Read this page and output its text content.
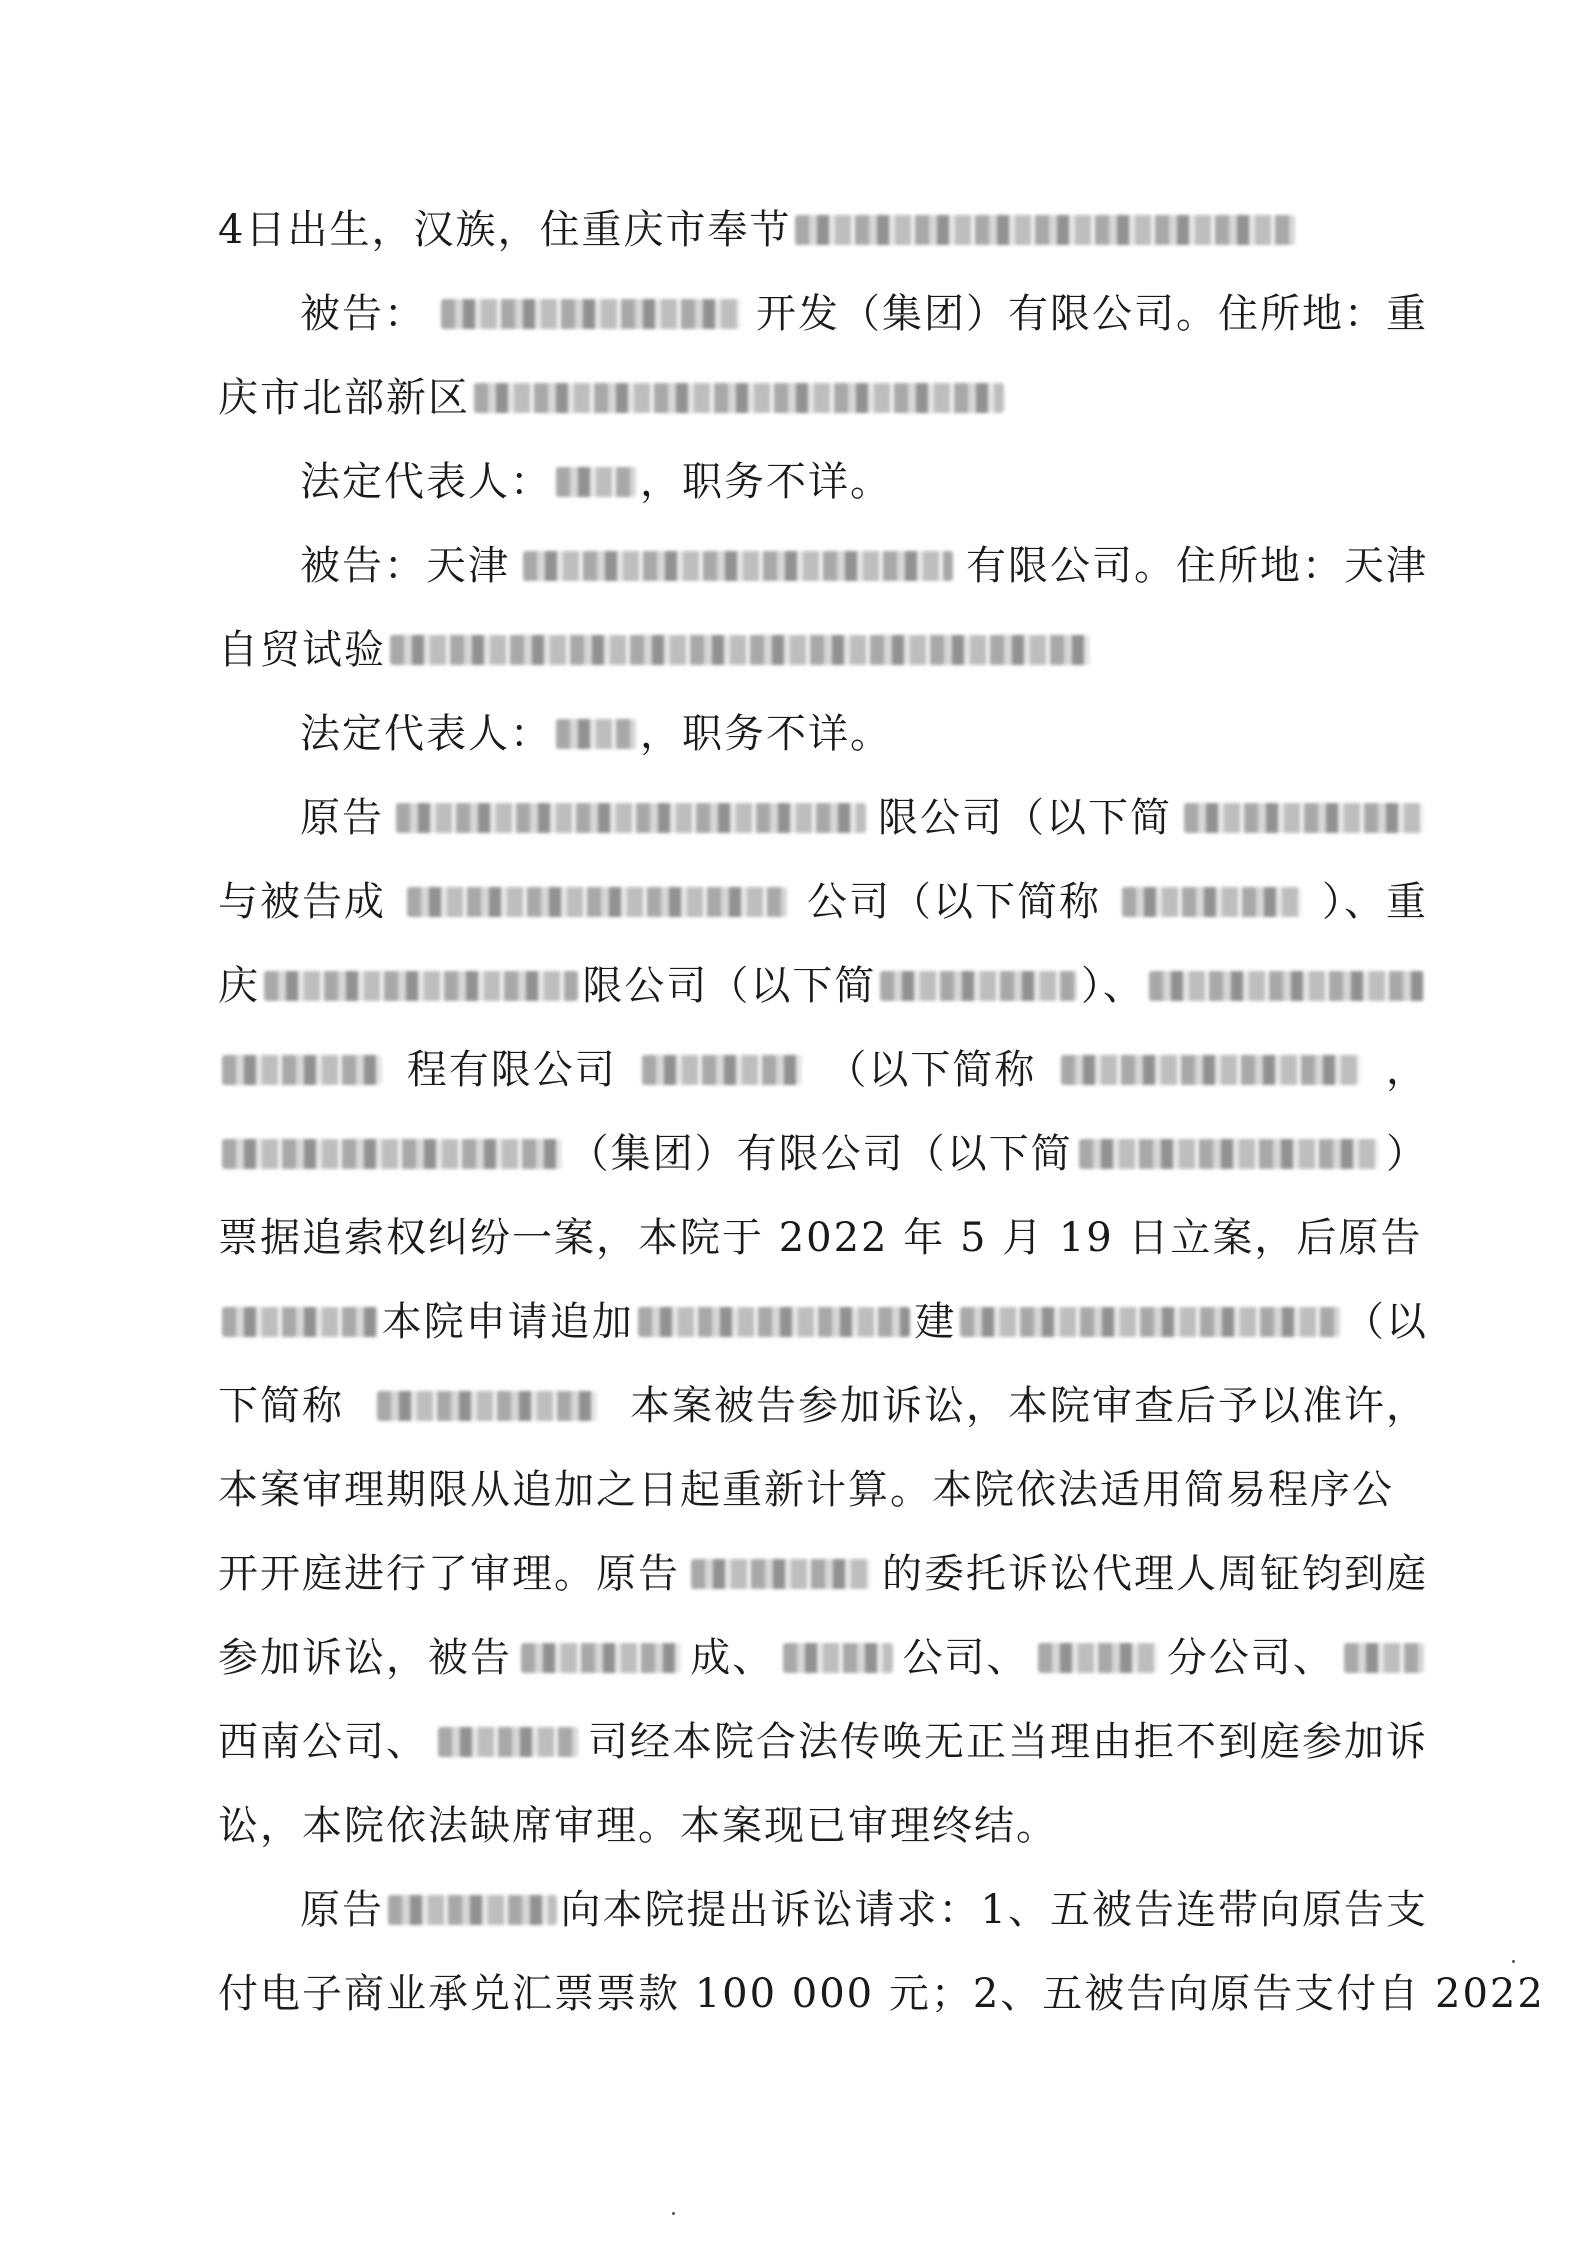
4日出生，汉族，住重庆市奉节
被告：	开发（集团）有限公司。住所地：重
庆市北部新区
法定代表人： ，职务不详。
被告：天津	有限公司。住所地：天津
自贸试验
法定代表人： ，职务不详。
原告	限公司（以下简
与被告成	公司（以下简称	）、重
庆	限公司（以下简	）、
程有限公司	（以下简称	，
（集团）有限公司（以下简	）
票据追索权纠纷一案，本院于 2022 年 5 月 19 日立案，后原告
本院申请追加	建	（以
下简称	本案被告参加诉讼，本院审查后予以准许，
本案审理期限从追加之日起重新计算。本院依法适用简易程序公
开开庭进行了审理。原告	的委托诉讼代理人周钲钧到庭
参加诉讼，被告	成、	公司、	分公司、
西南公司、	司经本院合法传唤无正当理由拒不到庭参加诉
讼，本院依法缺席审理。本案现已审理终结。
原告	向本院提出诉讼请求：1、五被告连带向原告支
付电子商业承兑汇票票款 100 000 元；2、五被告向原告支付自 2022
